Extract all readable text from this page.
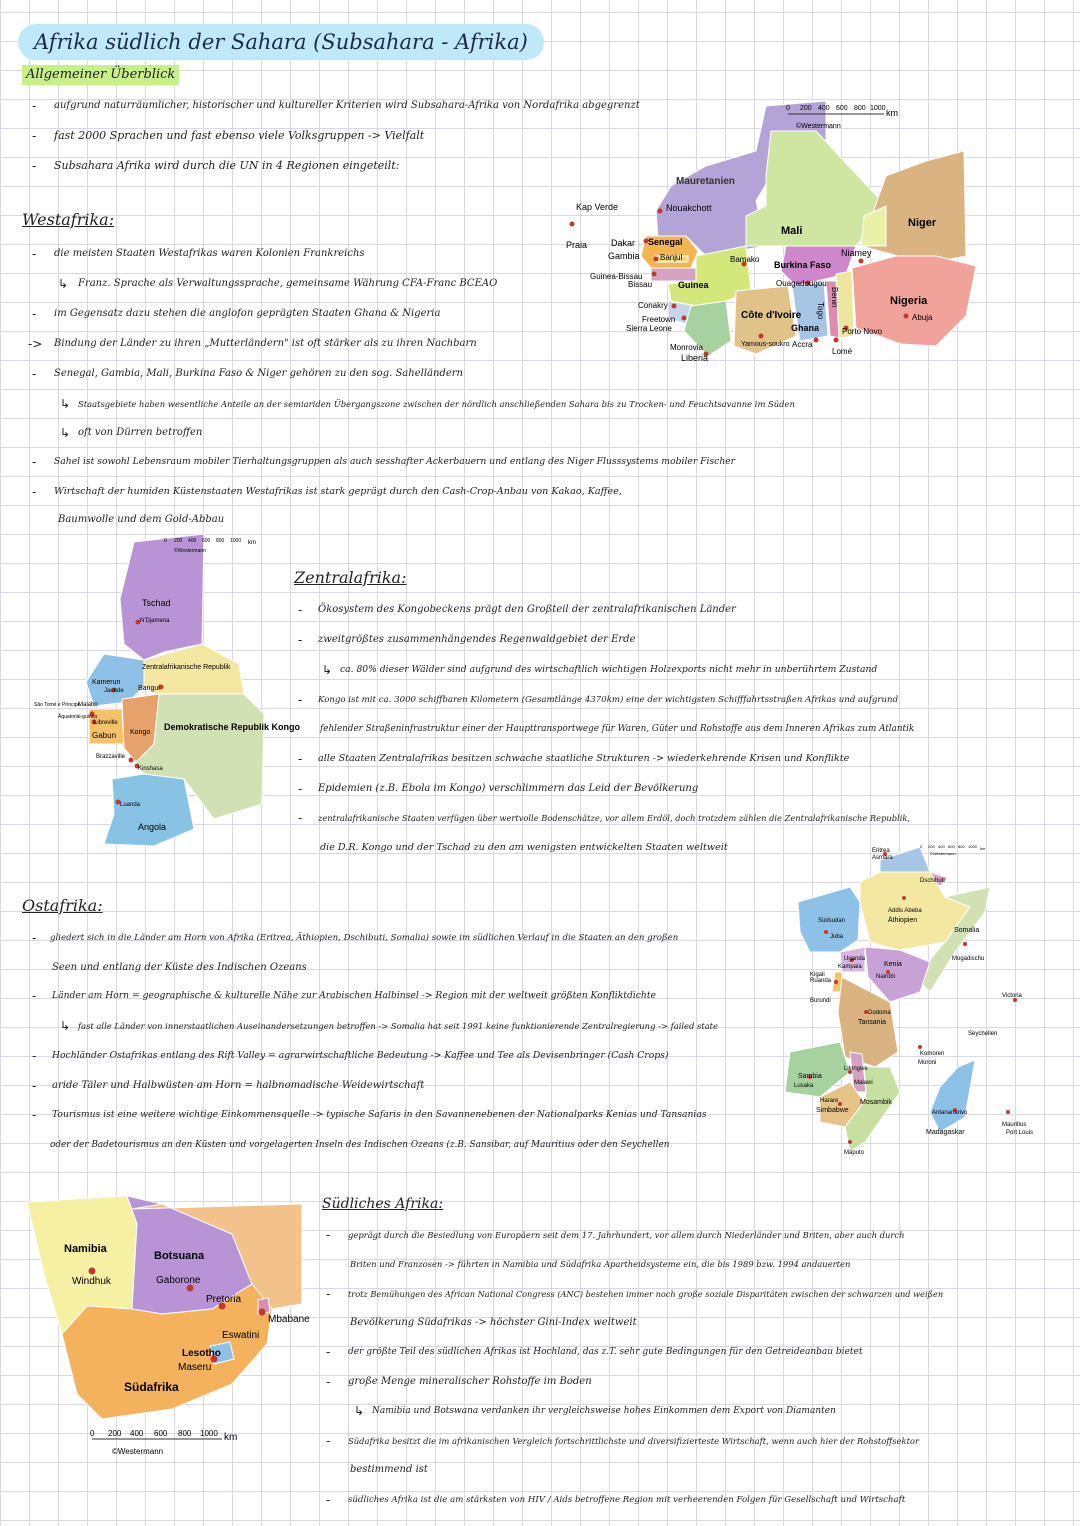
Afrika südlich der Sahara (Subsahara - Afrika)
Allgemeiner Überblick
- aufgrund naturräumlicher, historischer und kultureller Kriterien wird Subsahara-Afrika von Nordafrika abgegrenzt
- fast 2000 Sprachen und fast ebenso viele Volksgruppen -> Vielfalt
- Subsahara Afrika wird durch die UN in 4 Regionen eingeteilt:
Westafrika:
- die meisten Staaten Westafrikas waren Kolonien Frankreichs
↳ Franz. Sprache als Verwaltungssprache, gemeinsame Währung CFA-Franc BCEAO
- im Gegensatz dazu stehen die anglofon geprägten Staaten Ghana & Nigeria
-> Bindung der Länder zu ihren „Mutterländern" ist oft stärker als zu ihren Nachbarn
- Senegal, Gambia, Mali, Burkina Faso & Niger gehören zu den sog. Sahelländern
↳ Staatsgebiete haben wesentliche Anteile an der semiariden Übergangszone zwischen der nördlich anschließenden Sahara bis zu Trocken- und Feuchtsavanne im Süden
↳ oft von Dürren betroffen
- Sahel ist sowohl Lebensraum mobiler Tierhaltungsgruppen als auch sesshafter Ackerbauern und entlang des Niger Flusssystems mobiler Fischer
- Wirtschaft der humiden Küstenstaaten Westafrikas ist stark geprägt durch den Cash-Crop-Anbau von Kakao, Kaffee,
Baumwolle und dem Gold-Abbau
Mauretanien
Nouakchott
Kap Verde
Praia
Mali
Niger
Niamey
Dakar Senegal
Gambia	Banjul	Bamako
Burkina Faso
Ouagadougou
Guinea-Bissau
Bissau	Guinea
Conakry
Freetown
Sierra Leone
Côte d'Ivoire
Yamous-soukro
Monrovia
Liberia
Ghana
Accra
Togo
Benin
Lomé
Porto Novo
Nigeria
Abuja
0 200 400 600 800 1000 km
©Westermann
Zentralafrika:
- Ökosystem des Kongobeckens prägt den Großteil der zentralafrikanischen Länder
- zweitgrößtes zusammenhängendes Regenwaldgebiet der Erde
↳ ca. 80% dieser Wälder sind aufgrund des wirtschaftlich wichtigen Holzexports nicht mehr in unberührtem Zustand
- Kongo ist mit ca. 3000 schiffbaren Kilometern (Gesamtlänge 4370km) eine der wichtigsten Schifffahrtsstraßen Afrikas und aufgrund
fehlender Straßeninfrastruktur einer der Haupttransportwege für Waren, Güter und Rohstoffe aus dem Inneren Afrikas zum Atlantik
- alle Staaten Zentralafrikas besitzen schwache staatliche Strukturen -> wiederkehrende Krisen und Konflikte
- Epidemien (z.B. Ebola im Kongo) verschlimmern das Leid der Bevölkerung
- zentralafrikanische Staaten verfügen über wertvolle Bodenschätze, vor allem Erdöl, doch trotzdem zählen die Zentralafrikanische Republik,
die D.R. Kongo und der Tschad zu den am wenigsten entwickelten Staaten weltweit
Tschad
N'Djamena
Zentralafrikanische Republik
Bangui
Kamerun
Jaunde
São Tomé e Príncipe
Malabo
Äquatorial-guinea
Libreville
Gabun Kongo
Brazzaville
Kinshasa
Demokratische Republik Kongo
Luanda
Angola
0 200 400 600 800 1000 km
©Westermann
Ostafrika:
- gliedert sich in die Länder am Horn von Afrika (Eritrea, Äthiopien, Dschibuti, Somalia) sowie im südlichen Verlauf in die Staaten an den großen
Seen und entlang der Küste des Indischen Ozeans
- Länder am Horn = geographische & kulturelle Nähe zur Arabischen Halbinsel -> Region mit der weltweit größten Konfliktdichte
↳ fast alle Länder von innerstaatlichen Auseinandersetzungen betroffen -> Somalia hat seit 1991 keine funktionierende Zentralregierung -> failed state
- Hochländer Ostafrikas entlang des Rift Valley = agrarwirtschaftliche Bedeutung -> Kaffee und Tee als Devisenbringer (Cash Crops)
- aride Täler und Halbwüsten am Horn = halbnomadische Weidewirtschaft
- Tourismus ist eine weitere wichtige Einkommensquelle -> typische Safaris in den Savannenebenen der Nationalparks Kenias und Tansanias
oder der Badetourismus an den Küsten und vorgelagerten Inseln des Indischen Ozeans (z.B. Sansibar, auf Mauritius oder den Seychellen
Eritrea
Asmara
Dschibuti
Südsudan
Juba
Addis Abeba
Äthiopien
Somalia
Mogadischu
Uganda
Kampala	Kenia
Nairobi
Ruanda
Kigali
Burundi
Dodoma
Tansania
Seychellen
Victoria
Komoren
Moroni
Lilongwe
Malawi
Sambia
Lusaka
Harare
Simbabwe
Mosambik
Maputo
Antananarivo
Madagaskar
Mauritius
Port Louis
0 200 400 600 800 1000 km
©Westermann
Südliches Afrika:
- geprägt durch die Besiedlung von Europäern seit dem 17. Jahrhundert, vor allem durch Niederländer und Briten, aber auch durch
Briten und Franzosen -> führten in Namibia und Südafrika Apartheidsysteme ein, die bis 1989 bzw. 1994 andauerten
- trotz Bemühungen des African National Congress (ANC) bestehen immer noch große soziale Disparitäten zwischen der schwarzen und weißen
Bevölkerung Südafrikas -> höchster Gini-Index weltweit
- der größte Teil des südlichen Afrikas ist Hochland, das z.T. sehr gute Bedingungen für den Getreideanbau bietet
- große Menge mineralischer Rohstoffe im Boden
↳ Namibia und Botswana verdanken ihr vergleichsweise hohes Einkommen dem Export von Diamanten
- Südafrika besitzt die im afrikanischen Vergleich fortschrittlichste und diversifizierteste Wirtschaft, wenn auch hier der Rohstoffsektor
bestimmend ist
- südliches Afrika ist die am stärksten von HIV / Aids betroffene Region mit verheerenden Folgen für Gesellschaft und Wirtschaft
Namibia
Windhuk
Botsuana
Gaborone
Pretoria
Mbabane
Eswatini
Lesotho
Maseru
Südafrika
0 200 400 600 800 1000 km
©Westermann
